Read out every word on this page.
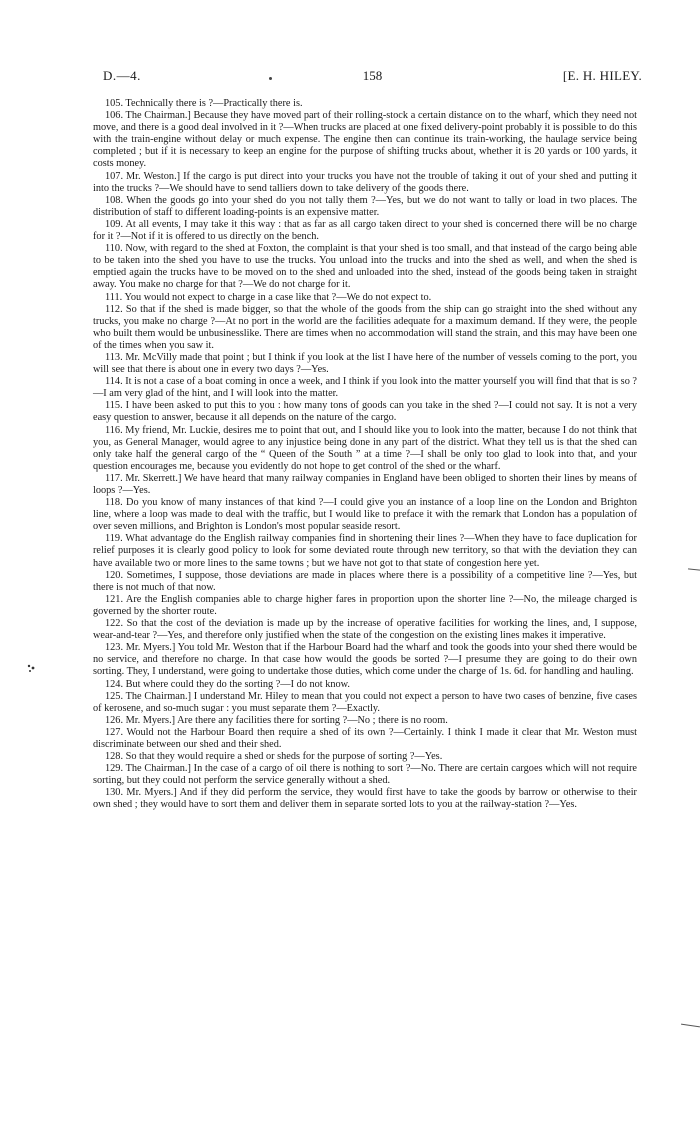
D.—4.	158	[E. H. HILEY.

105. Technically there is ?—Practically there is.

106. The Chairman.] Because they have moved part of their rolling-stock a certain distance on to the wharf, which they need not move, and there is a good deal involved in it ?—When trucks are placed at one fixed delivery-point probably it is possible to do this with the train-engine without delay or much expense. The engine then can continue its train-working, the haulage service being completed ; but if it is necessary to keep an engine for the purpose of shifting trucks about, whether it is 20 yards or 100 yards, it costs money.

107. Mr. Weston.] If the cargo is put direct into your trucks you have not the trouble of taking it out of your shed and putting it into the trucks ?—We should have to send talliers down to take delivery of the goods there.

108. When the goods go into your shed do you not tally them ?—Yes, but we do not want to tally or load in two places. The distribution of staff to different loading-points is an expensive matter.

109. At all events, I may take it this way : that as far as all cargo taken direct to your shed is concerned there will be no charge for it ?—Not if it is offered to us directly on the bench.

110. Now, with regard to the shed at Foxton, the complaint is that your shed is too small, and that instead of the cargo being able to be taken into the shed you have to use the trucks. You unload into the trucks and into the shed as well, and when the shed is emptied again the trucks have to be moved on to the shed and unloaded into the shed, instead of the goods being taken in straight away. You make no charge for that ?—We do not charge for it.

111. You would not expect to charge in a case like that ?—We do not expect to.

112. So that if the shed is made bigger, so that the whole of the goods from the ship can go straight into the shed without any trucks, you make no charge ?—At no port in the world are the facilities adequate for a maximum demand. If they were, the people who built them would be unbusinesslike. There are times when no accommodation will stand the strain, and this may have been one of the times when you saw it.

113. Mr. McVilly made that point ; but I think if you look at the list I have here of the number of vessels coming to the port, you will see that there is about one in every two days ?—Yes.

114. It is not a case of a boat coming in once a week, and I think if you look into the matter yourself you will find that that is so ?—I am very glad of the hint, and I will look into the matter.

115. I have been asked to put this to you : how many tons of goods can you take in the shed ?—I could not say. It is not a very easy question to answer, because it all depends on the nature of the cargo.

116. My friend, Mr. Luckie, desires me to point that out, and I should like you to look into the matter, because I do not think that you, as General Manager, would agree to any injustice being done in any part of the district. What they tell us is that the shed can only take half the general cargo of the “ Queen of the South ” at a time ?—I shall be only too glad to look into that, and your question encourages me, because you evidently do not hope to get control of the shed or the wharf.

117. Mr. Skerrett.] We have heard that many railway companies in England have been obliged to shorten their lines by means of loops ?—Yes.

118. Do you know of many instances of that kind ?—I could give you an instance of a loop line on the London and Brighton line, where a loop was made to deal with the traffic, but I would like to preface it with the remark that London has a population of over seven millions, and Brighton is London's most popular seaside resort.

119. What advantage do the English railway companies find in shortening their lines ?—When they have to face duplication for relief purposes it is clearly good policy to look for some deviated route through new territory, so that with the deviation they can have available two or more lines to the same towns ; but we have not got to that state of congestion here yet.

120. Sometimes, I suppose, those deviations are made in places where there is a possibility of a competitive line ?—Yes, but there is not much of that now.

121. Are the English companies able to charge higher fares in proportion upon the shorter line ?—No, the mileage charged is governed by the shorter route.

122. So that the cost of the deviation is made up by the increase of operative facilities for working the lines, and, I suppose, wear-and-tear ?—Yes, and therefore only justified when the state of the congestion on the existing lines makes it imperative.

123. Mr. Myers.] You told Mr. Weston that if the Harbour Board had the wharf and took the goods into your shed there would be no service, and therefore no charge. In that case how would the goods be sorted ?—I presume they are going to do their own sorting. They, I understand, were going to undertake those duties, which come under the charge of 1s. 6d. for handling and hauling.

124. But where could they do the sorting ?—I do not know.

125. The Chairman.] I understand Mr. Hiley to mean that you could not expect a person to have two cases of benzine, five cases of kerosene, and so-much sugar : you must separate them ?—Exactly.

126. Mr. Myers.] Are there any facilities there for sorting ?—No ; there is no room.

127. Would not the Harbour Board then require a shed of its own ?—Certainly. I think I made it clear that Mr. Weston must discriminate between our shed and their shed.

128. So that they would require a shed or sheds for the purpose of sorting ?—Yes.

129. The Chairman.] In the case of a cargo of oil there is nothing to sort ?—No. There are certain cargoes which will not require sorting, but they could not perform the service generally without a shed.

130. Mr. Myers.] And if they did perform the service, they would first have to take the goods by barrow or otherwise to their own shed ; they would have to sort them and deliver them in separate sorted lots to you at the railway-station ?—Yes.
